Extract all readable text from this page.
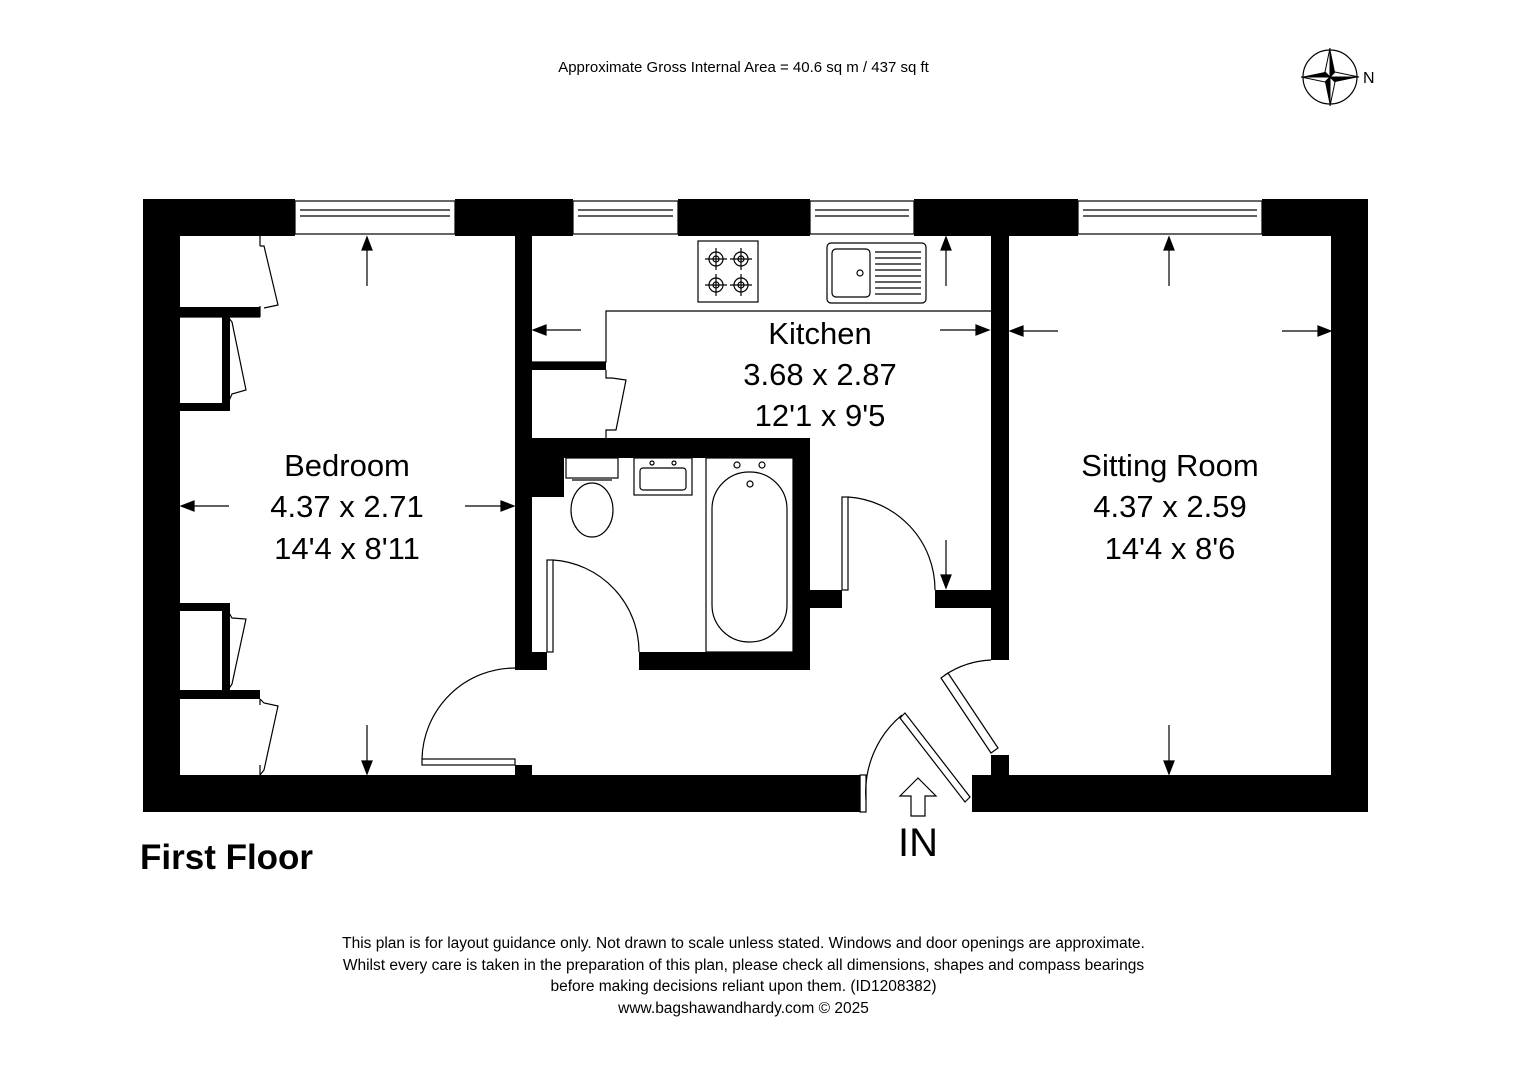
Approximate Gross Internal Area = 40.6 sq m / 437 sq ft
N
Kitchen
3.68 x 2.87
12'1 x 9'5
Bedroom
4.37 x 2.71
14'4 x 8'11
Sitting Room
4.37 x 2.59
14'4 x 8'6
IN
First Floor
This plan is for layout guidance only. Not drawn to scale unless stated. Windows and door openings are approximate.
Whilst every care is taken in the preparation of this plan, please check all dimensions, shapes and compass bearings
before making decisions reliant upon them. (ID1208382)
www.bagshawandhardy.com © 2025
